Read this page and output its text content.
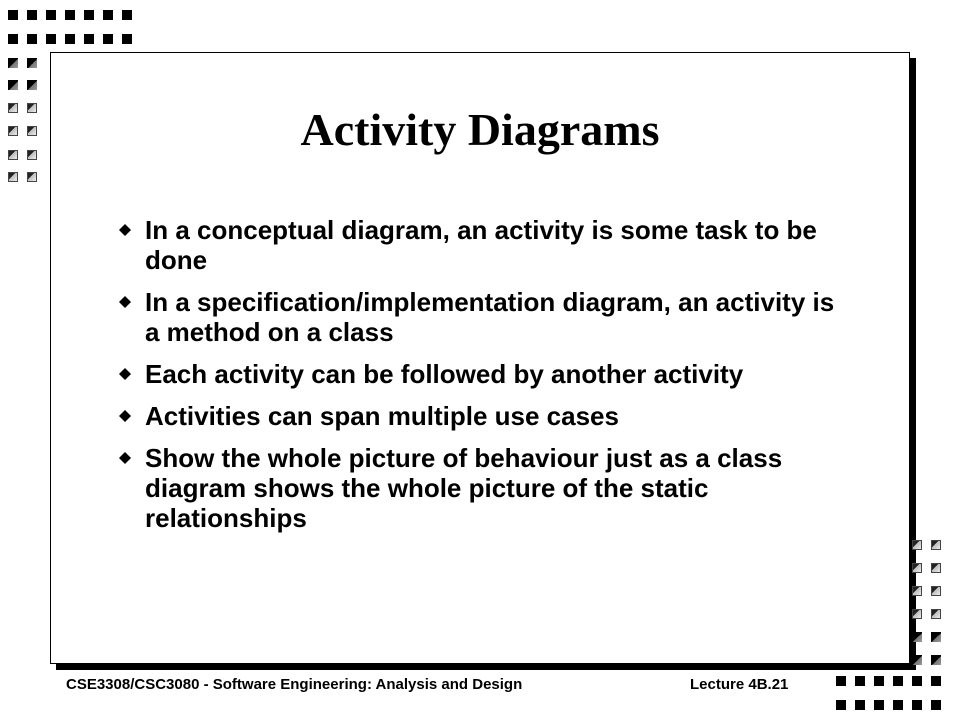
Activity Diagrams
In a conceptual diagram, an activity is some task to be done
In a specification/implementation diagram, an activity is a method on a class
Each activity can be followed by another activity
Activities can span multiple use cases
Show the whole picture of behaviour just as a class diagram shows the whole picture of the static relationships
CSE3308/CSC3080 - Software Engineering: Analysis and Design	Lecture 4B.21
